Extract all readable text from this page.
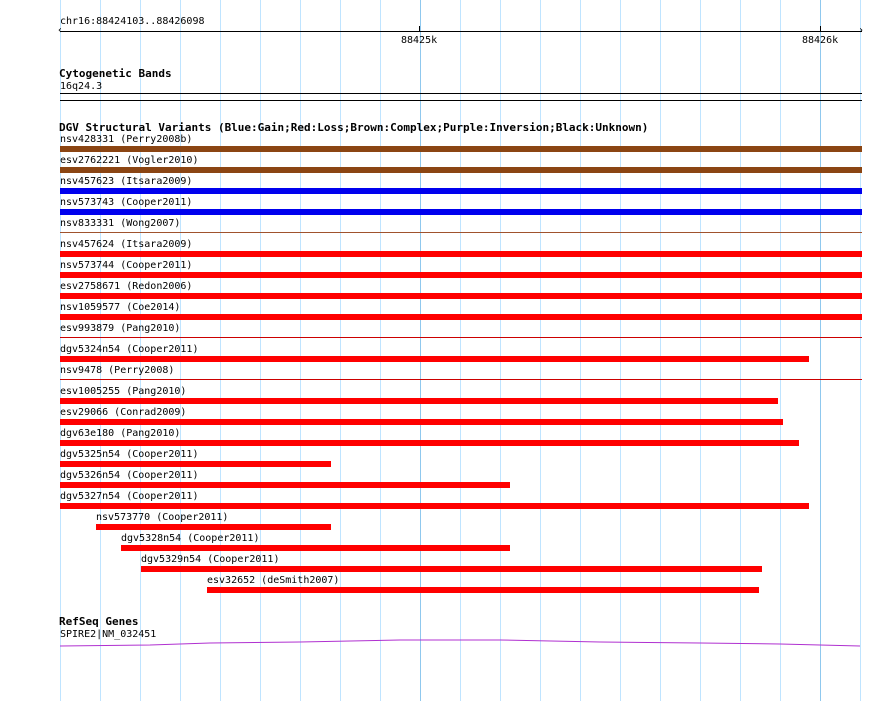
chr16:88424103..88426098
‹	›
88425k	88426k
Cytogenetic Bands
16q24.3
DGV Structural Variants (Blue:Gain;Red:Loss;Brown:Complex;Purple:Inversion;Black:Unknown)
nsv428331 (Perry2008b)
esv2762221 (Vogler2010)
nsv457623 (Itsara2009)
nsv573743 (Cooper2011)
nsv833331 (Wong2007)
nsv457624 (Itsara2009)
nsv573744 (Cooper2011)
esv2758671 (Redon2006)
nsv1059577 (Coe2014)
esv993879 (Pang2010)
dgv5324n54 (Cooper2011)
nsv9478 (Perry2008)
esv1005255 (Pang2010)
esv29066 (Conrad2009)
dgv63e180 (Pang2010)
dgv5325n54 (Cooper2011)
dgv5326n54 (Cooper2011)
dgv5327n54 (Cooper2011)
nsv573770 (Cooper2011)
dgv5328n54 (Cooper2011)
dgv5329n54 (Cooper2011)
esv32652 (deSmith2007)
RefSeq Genes
SPIRE2|NM_032451
